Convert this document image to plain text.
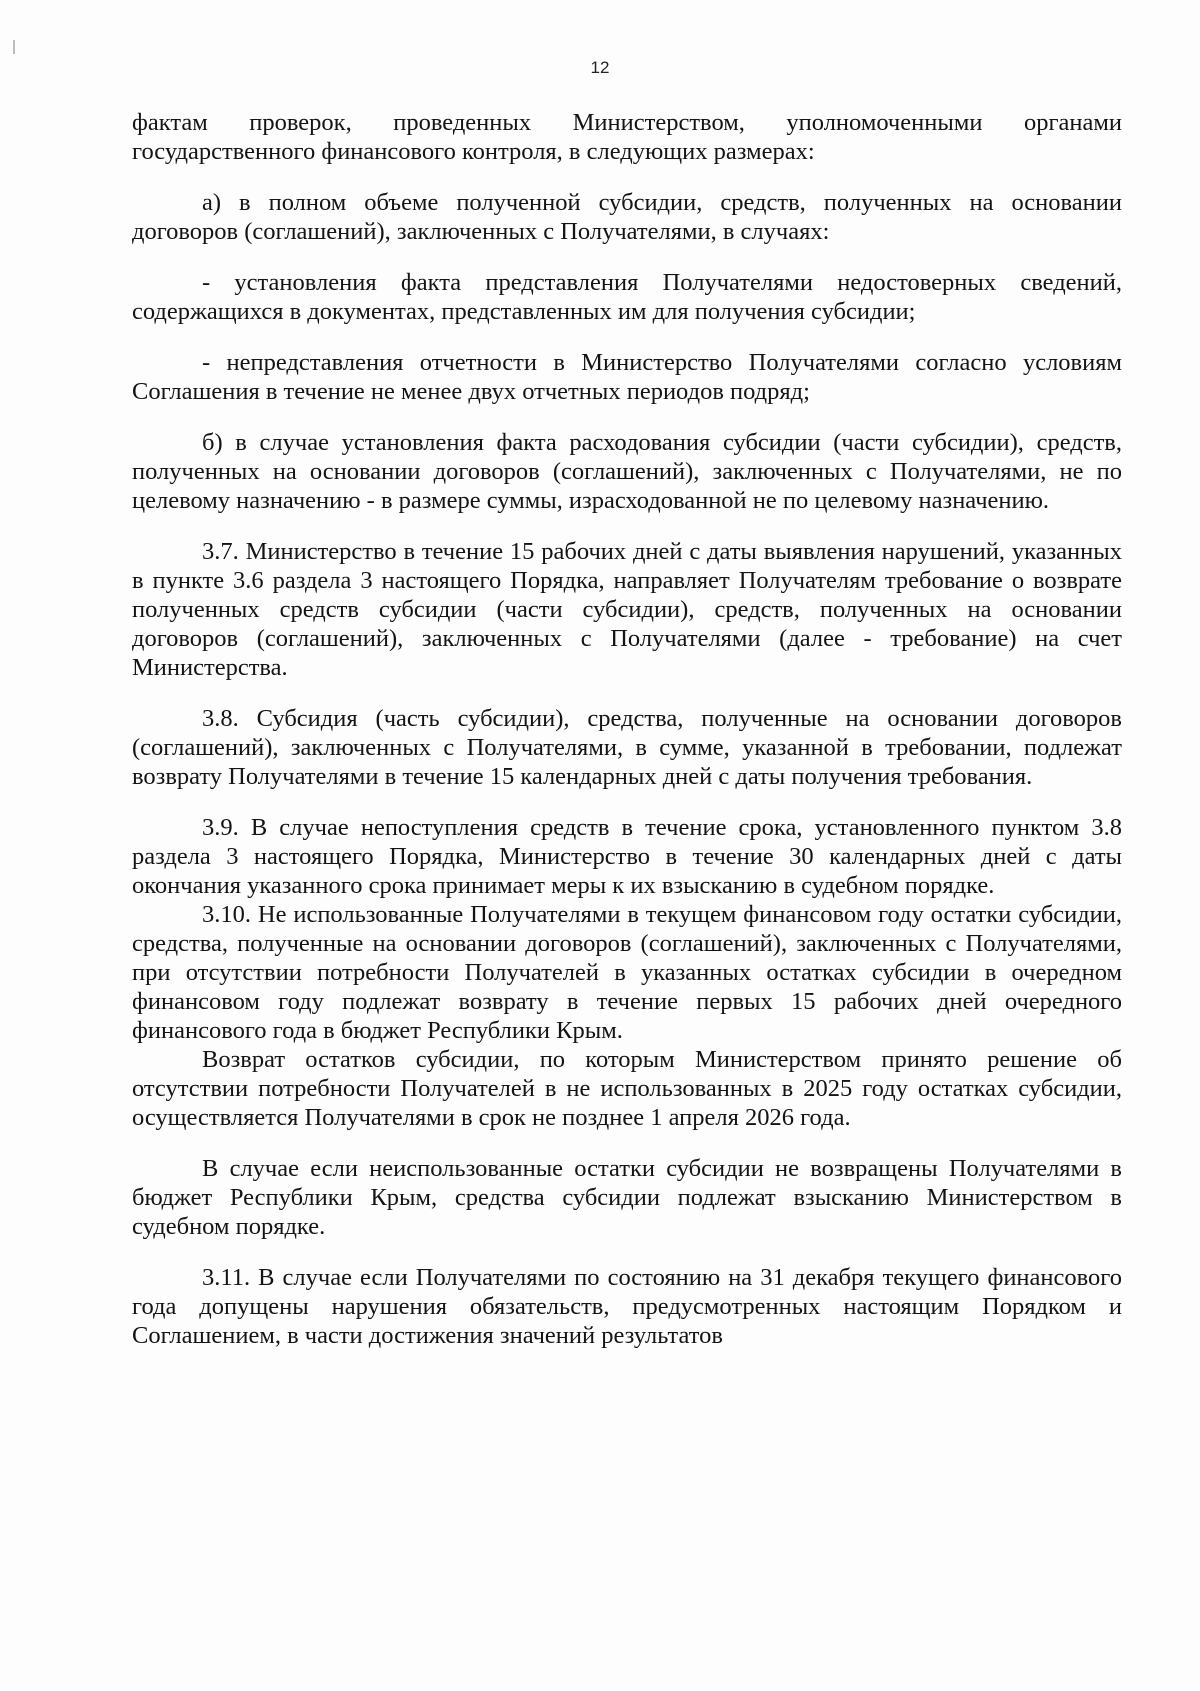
12

фактам проверок, проведенных Министерством, уполномоченными органами государственного финансового контроля, в следующих размерах:

а) в полном объеме полученной субсидии, средств, полученных на основании договоров (соглашений), заключенных с Получателями, в случаях:

- установления факта представления Получателями недостоверных сведений, содержащихся в документах, представленных им для получения субсидии;

- непредставления отчетности в Министерство Получателями согласно условиям Соглашения в течение не менее двух отчетных периодов подряд;

б) в случае установления факта расходования субсидии (части субсидии), средств, полученных на основании договоров (соглашений), заключенных с Получателями, не по целевому назначению - в размере суммы, израсходованной не по целевому назначению.

3.7. Министерство в течение 15 рабочих дней с даты выявления нарушений, указанных в пункте 3.6 раздела 3 настоящего Порядка, направляет Получателям требование о возврате полученных средств субсидии (части субсидии), средств, полученных на основании договоров (соглашений), заключенных с Получателями (далее - требование) на счет Министерства.

3.8. Субсидия (часть субсидии), средства, полученные на основании договоров (соглашений), заключенных с Получателями, в сумме, указанной в требовании, подлежат возврату Получателями в течение 15 календарных дней с даты получения требования.

3.9. В случае непоступления средств в течение срока, установленного пунктом 3.8 раздела 3 настоящего Порядка, Министерство в течение 30 календарных дней с даты окончания указанного срока принимает меры к их взысканию в судебном порядке.

3.10. Не использованные Получателями в текущем финансовом году остатки субсидии, средства, полученные на основании договоров (соглашений), заключенных с Получателями, при отсутствии потребности Получателей в указанных остатках субсидии в очередном финансовом году подлежат возврату в течение первых 15 рабочих дней очередного финансового года в бюджет Республики Крым.

Возврат остатков субсидии, по которым Министерством принято решение об отсутствии потребности Получателей в не использованных в 2025 году остатках субсидии, осуществляется Получателями в срок не позднее 1 апреля 2026 года.

В случае если неиспользованные остатки субсидии не возвращены Получателями в бюджет Республики Крым, средства субсидии подлежат взысканию Министерством в судебном порядке.

3.11. В случае если Получателями по состоянию на 31 декабря текущего финансового года допущены нарушения обязательств, предусмотренных настоящим Порядком и Соглашением, в части достижения значений результатов
